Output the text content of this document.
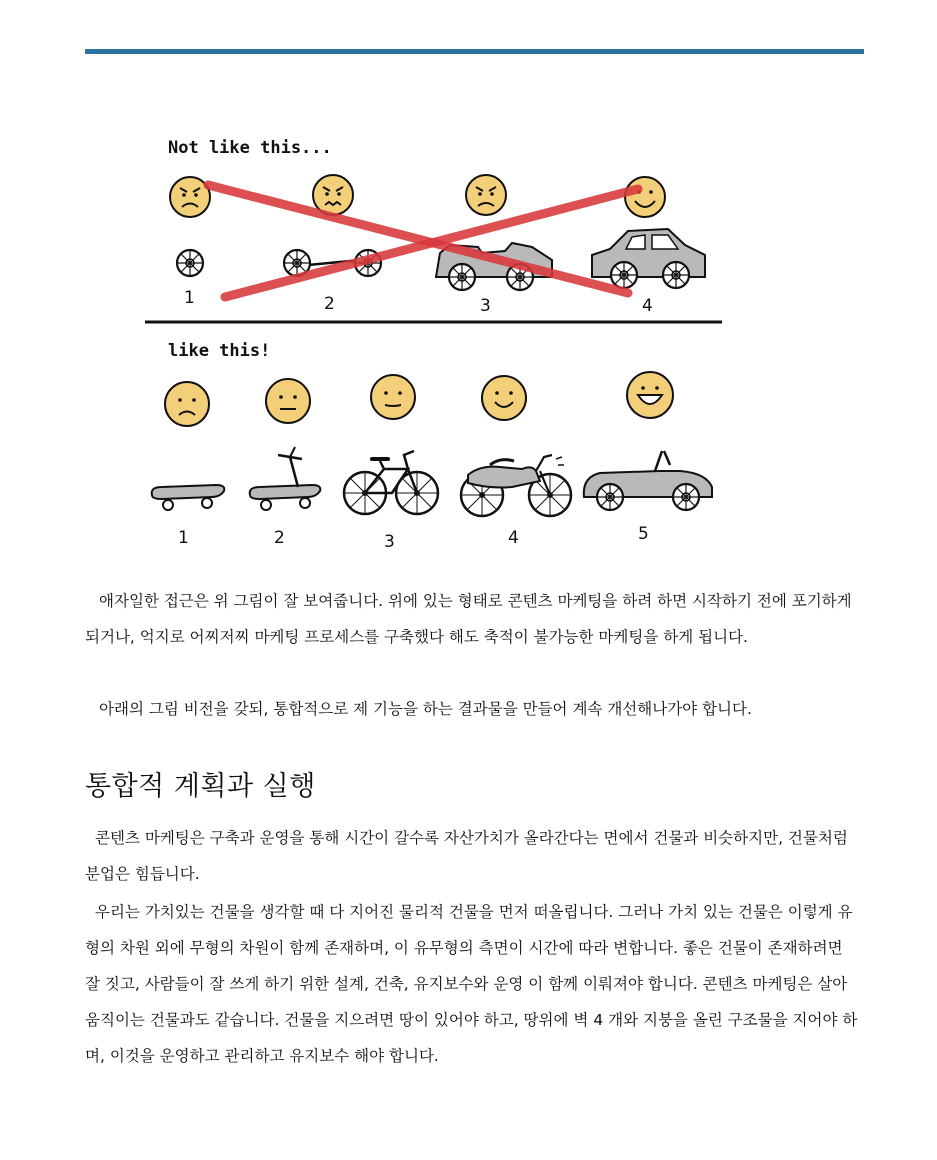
Not like this...
like this!
1	2	3	4
1	2	3	4	5

애자일한 접근은 위 그림이 잘 보여줍니다. 위에 있는 형태로 콘텐츠 마케팅을 하려 하면 시작하기 전에 포기하게 되거나, 억지로 어찌저찌 마케팅 프로세스를 구축했다 해도 축적이 불가능한 마케팅을 하게 됩니다.

아래의 그림 비전을 갖되, 통합적으로 제 기능을 하는 결과물을 만들어 계속 개선해나가야 합니다.

통합적 계획과 실행

콘텐츠 마케팅은 구축과 운영을 통해 시간이 갈수록 자산가치가 올라간다는 면에서 건물과 비슷하지만, 건물처럼 분업은 힘듭니다.

우리는 가치있는 건물을 생각할 때 다 지어진 물리적 건물을 먼저 떠올립니다. 그러나 가치 있는 건물은 이렇게 유형의 차원 외에 무형의 차원이 함께 존재하며, 이 유무형의 측면이 시간에 따라 변합니다. 좋은 건물이 존재하려면 잘 짓고, 사람들이 잘 쓰게 하기 위한 설계, 건축, 유지보수와 운영 이 함께 이뤄져야 합니다. 콘텐츠 마케팅은 살아움직이는 건물과도 같습니다. 건물을 지으려면 땅이 있어야 하고, 땅위에 벽 4 개와 지붕을 올린 구조물을 지어야 하며, 이것을 운영하고 관리하고 유지보수 해야 합니다.
